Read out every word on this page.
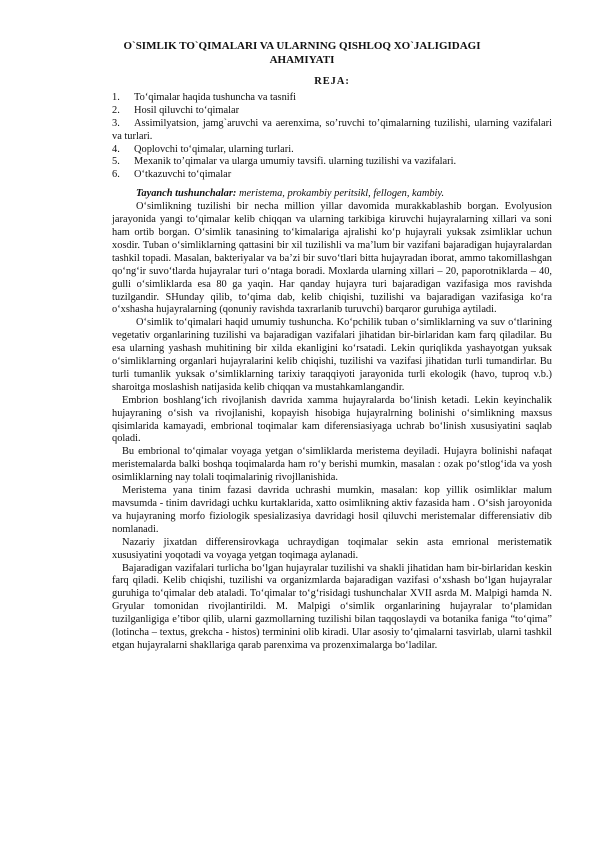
O`SIMLIK TO`QIMALARI VA ULARNING QISHLOQ XO`JALIGIDAGI
AHAMIYATI
REJA:
1. To‘qimalar haqida tushuncha va tasnifi
2. Hosil qiluvchi to‘qimalar
3. Assimilyatsion, jamg`aruvchi va aerenxima, so’ruvchi to’qimalarning tuzilishi, ularning vazifalari va turlari.
4. Qoplovchi to‘qimalar, ularning turlari.
5. Mexanik to’qimalar va ularga umumiy tavsifi. ularning tuzilishi va vazifalari.
6. O‘tkazuvchi to‘qimalar

Tayanch tushunchalar: meristema, prokambiy peritsikl, fellogen, kambiy.

O‘simlikning tuzilishi bir necha million yillar davomida murakkablashib borgan. Evolyusion jarayonida yangi to‘qimalar kelib chiqqan va ularning tarkibiga kiruvchi hujayralarning xillari va soni ham ortib borgan. O‘simlik tanasining to‘kimalariga ajralishi ko‘p hujayrali yuksak zsimliklar uchun xosdir. Tuban o‘simliklarning qattasini bir xil tuzilishli va ma’lum bir vazifani bajaradigan hujayralardan tashkil topadi. Masalan, bakteriyalar va ba’zi bir suvo‘tlari bitta hujayradan iborat, ammo takomillashgan qo‘ng‘ir suvo‘tlarda hujayralar turi o‘ntaga boradi. Moxlarda ularning xillari – 20, paporotniklarda – 40, gulli o‘simliklarda esa 80 ga yaqin. Har qanday hujayra turi bajaradigan vazifasiga mos ravishda tuzilgandir. SHunday qilib, to‘qima dab, kelib chiqishi, tuzilishi va bajaradigan vazifasiga ko‘ra o‘xshasha hujayralarning (qonuniy ravishda taxrarlanib turuvchi) barqaror guruhiga aytiladi.

O‘simlik to‘qimalari haqid umumiy tushuncha. Ko‘pchilik tuban o‘simliklarning va suv o‘tlarining vegetativ organlarining tuzilishi va bajaradigan vazifalari jihatidan bir-birlaridan kam farq qiladilar. Bu esa ularning yashash muhitining bir xilda ekanligini ko‘rsatadi. Lekin quriqlikda yashayotgan yuksak o‘simliklarning organlari hujayralarini kelib chiqishi, tuzilishi va vazifasi jihatidan turli tumandirlar. Bu turli tumanlik yuksak o‘simliklarning tarixiy taraqqiyoti jarayonida turli ekologik (havo, tuproq v.b.) sharoitga moslashish natijasida kelib chiqqan va mustahkamlangandir.

Embrion boshlang‘ich rivojlanish davrida xamma hujayralarda bo‘linish ketadi. Lekin keyinchalik hujayraning o‘sish va rivojlanishi, kopayish hisobiga hujayralrning bolinishi o‘simlikning maxsus qisimlarida kamayadi, embrional toqimalar kam diferensiasiyaga uchrab bo‘linish xususiyatini saqlab qoladi.

Bu embrional to‘qimalar voyaga yetgan o‘simliklarda meristema deyiladi. Hujayra bolinishi nafaqat meristemalarda balki boshqa toqimalarda ham ro‘y berishi mumkin, masalan : ozak po‘stlog‘ida va yosh osimliklarning nay tolali toqimalarinig rivojllanishida.

Meristema yana tinim fazasi davrida uchrashi mumkin, masalan: kop yillik osimliklar malum mavsumda - tinim davridagi uchku kurtaklarida, xatto osimlikning aktiv fazasida ham . O‘sish jaroyonida va hujayraning morfo fiziologik spesializasiya davridagi hosil qiluvchi meristemalar differensiativ dib nomlanadi.

Nazariy jixatdan differensirovkaga uchraydigan toqimalar sekin asta emrional meristematik xususiyatini yoqotadi va voyaga yetgan toqimaga aylanadi.

Bajaradigan vazifalari turlicha bo‘lgan hujayralar tuzilishi va shakli jihatidan ham bir-birlaridan keskin farq qiladi. Kelib chiqishi, tuzilishi va organizmlarda bajaradigan vazifasi o‘xshash bo‘lgan hujayralar guruhiga to‘qimalar deb ataladi. To‘qimalar to‘g‘risidagi tushunchalar XVII asrda M. Malpigi hamda N. Gryular tomonidan rivojlantirildi. M. Malpigi o‘simlik organlarining hujayralar to‘plamidan tuzilganligiga e’tibor qilib, ularni gazmollarning tuzilishi bilan taqqoslaydi va botanika faniga “to‘qima” (lotincha – textus, grekcha - histos) terminini olib kiradi. Ular asosiy to‘qimalarni tasvirlab, ularni tashkil etgan hujayralarni shakllariga qarab parenxima va prozenximalarga bo‘ladilar.
